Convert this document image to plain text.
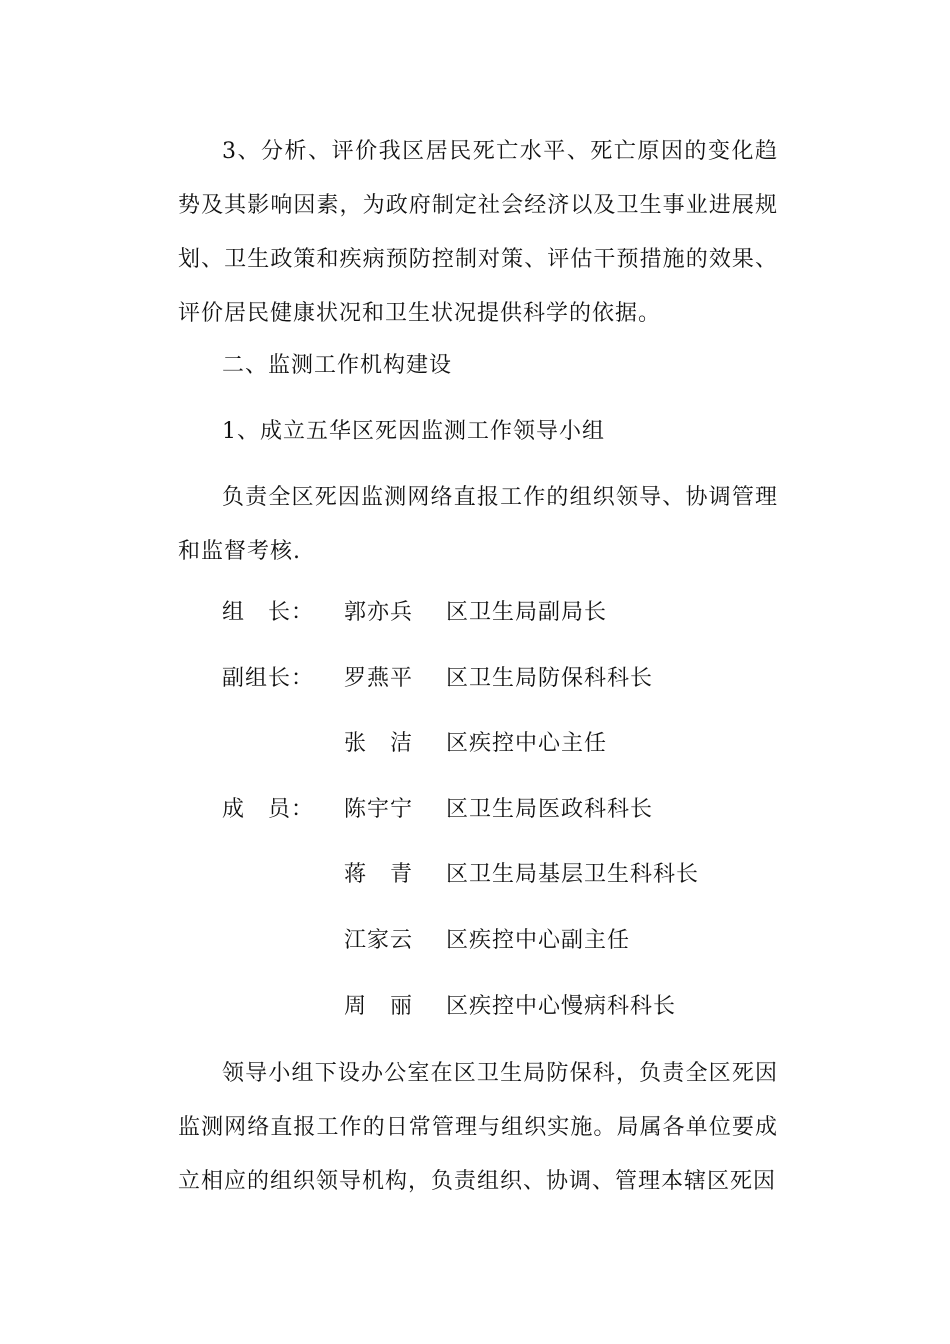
3、分析、评价我区居民死亡水平、死亡原因的变化趋势及其影响因素，为政府制定社会经济以及卫生事业进展规划、卫生政策和疾病预防控制对策、评估干预措施的效果、评价居民健康状况和卫生状况提供科学的依据。

二、监测工作机构建设

1、成立五华区死因监测工作领导小组

负责全区死因监测网络直报工作的组织领导、协调管理和监督考核.

组　长： 郭亦兵 区卫生局副局长
副组长： 罗燕平 区卫生局防保科科长
张　洁 区疾控中心主任
成　员： 陈宇宁 区卫生局医政科科长
蒋　青 区卫生局基层卫生科科长
江家云 区疾控中心副主任
周　丽 区疾控中心慢病科科长

领导小组下设办公室在区卫生局防保科，负责全区死因监测网络直报工作的日常管理与组织实施。局属各单位要成立相应的组织领导机构，负责组织、协调、管理本辖区死因
